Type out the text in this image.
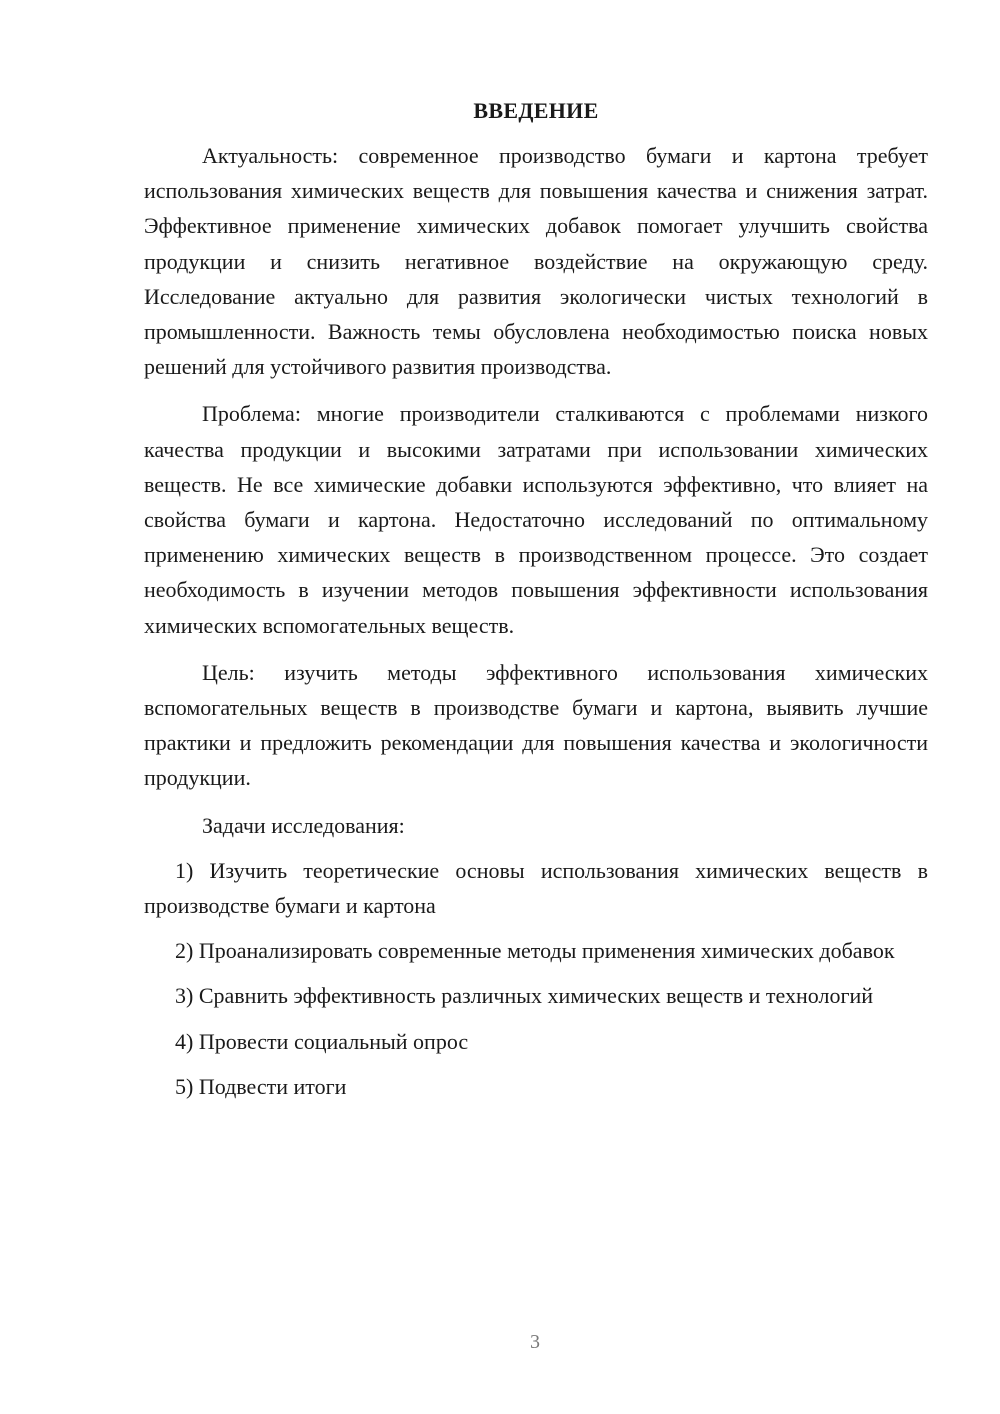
ВВЕДЕНИЕ

Актуальность: современное производство бумаги и картона требует использования химических веществ для повышения качества и снижения затрат. Эффективное применение химических добавок помогает улучшить свойства продукции и снизить негативное воздействие на окружающую среду. Исследование актуально для развития экологически чистых технологий в промышленности. Важность темы обусловлена необходимостью поиска новых решений для устойчивого развития производства.

Проблема: многие производители сталкиваются с проблемами низкого качества продукции и высокими затратами при использовании химических веществ. Не все химические добавки используются эффективно, что влияет на свойства бумаги и картона. Недостаточно исследований по оптимальному применению химических веществ в производственном процессе. Это создает необходимость в изучении методов повышения эффективности использования химических вспомогательных веществ.

Цель: изучить методы эффективного использования химических вспомогательных веществ в производстве бумаги и картона, выявить лучшие практики и предложить рекомендации для повышения качества и экологичности продукции.

Задачи исследования:

1) Изучить теоретические основы использования химических веществ в производстве бумаги и картона

2) Проанализировать современные методы применения химических добавок

3) Сравнить эффективность различных химических веществ и технологий

4) Провести социальный опрос

5) Подвести итоги

3
